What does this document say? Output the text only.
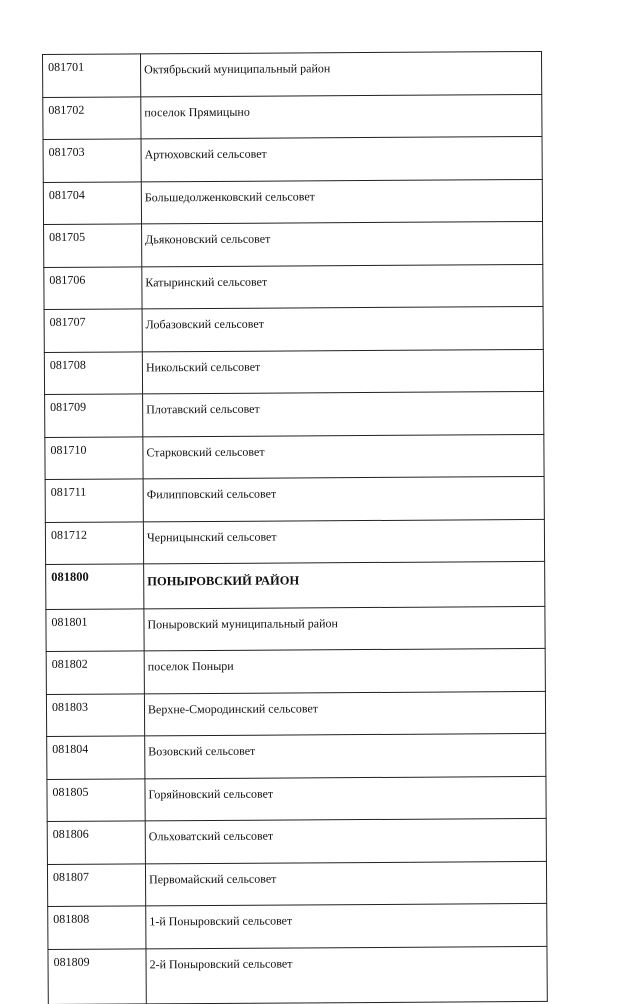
081701	Октябрьский муниципальный район
081702	поселок Прямицыно
081703	Артюховский сельсовет
081704	Большедолженковский сельсовет
081705	Дьяконовский сельсовет
081706	Катыринский сельсовет
081707	Лобазовский сельсовет
081708	Никольский сельсовет
081709	Плотавский сельсовет
081710	Старковский сельсовет
081711	Филипповский сельсовет
081712	Черницынский сельсовет
081800	ПОНЫРОВСКИЙ РАЙОН
081801	Поныровский муниципальный район
081802	поселок Поныри
081803	Верхне-Смородинский сельсовет
081804	Возовский сельсовет
081805	Горяйновский сельсовет
081806	Ольховатский сельсовет
081807	Первомайский сельсовет
081808	1-й Поныровский сельсовет
081809	2-й Поныровский сельсовет
